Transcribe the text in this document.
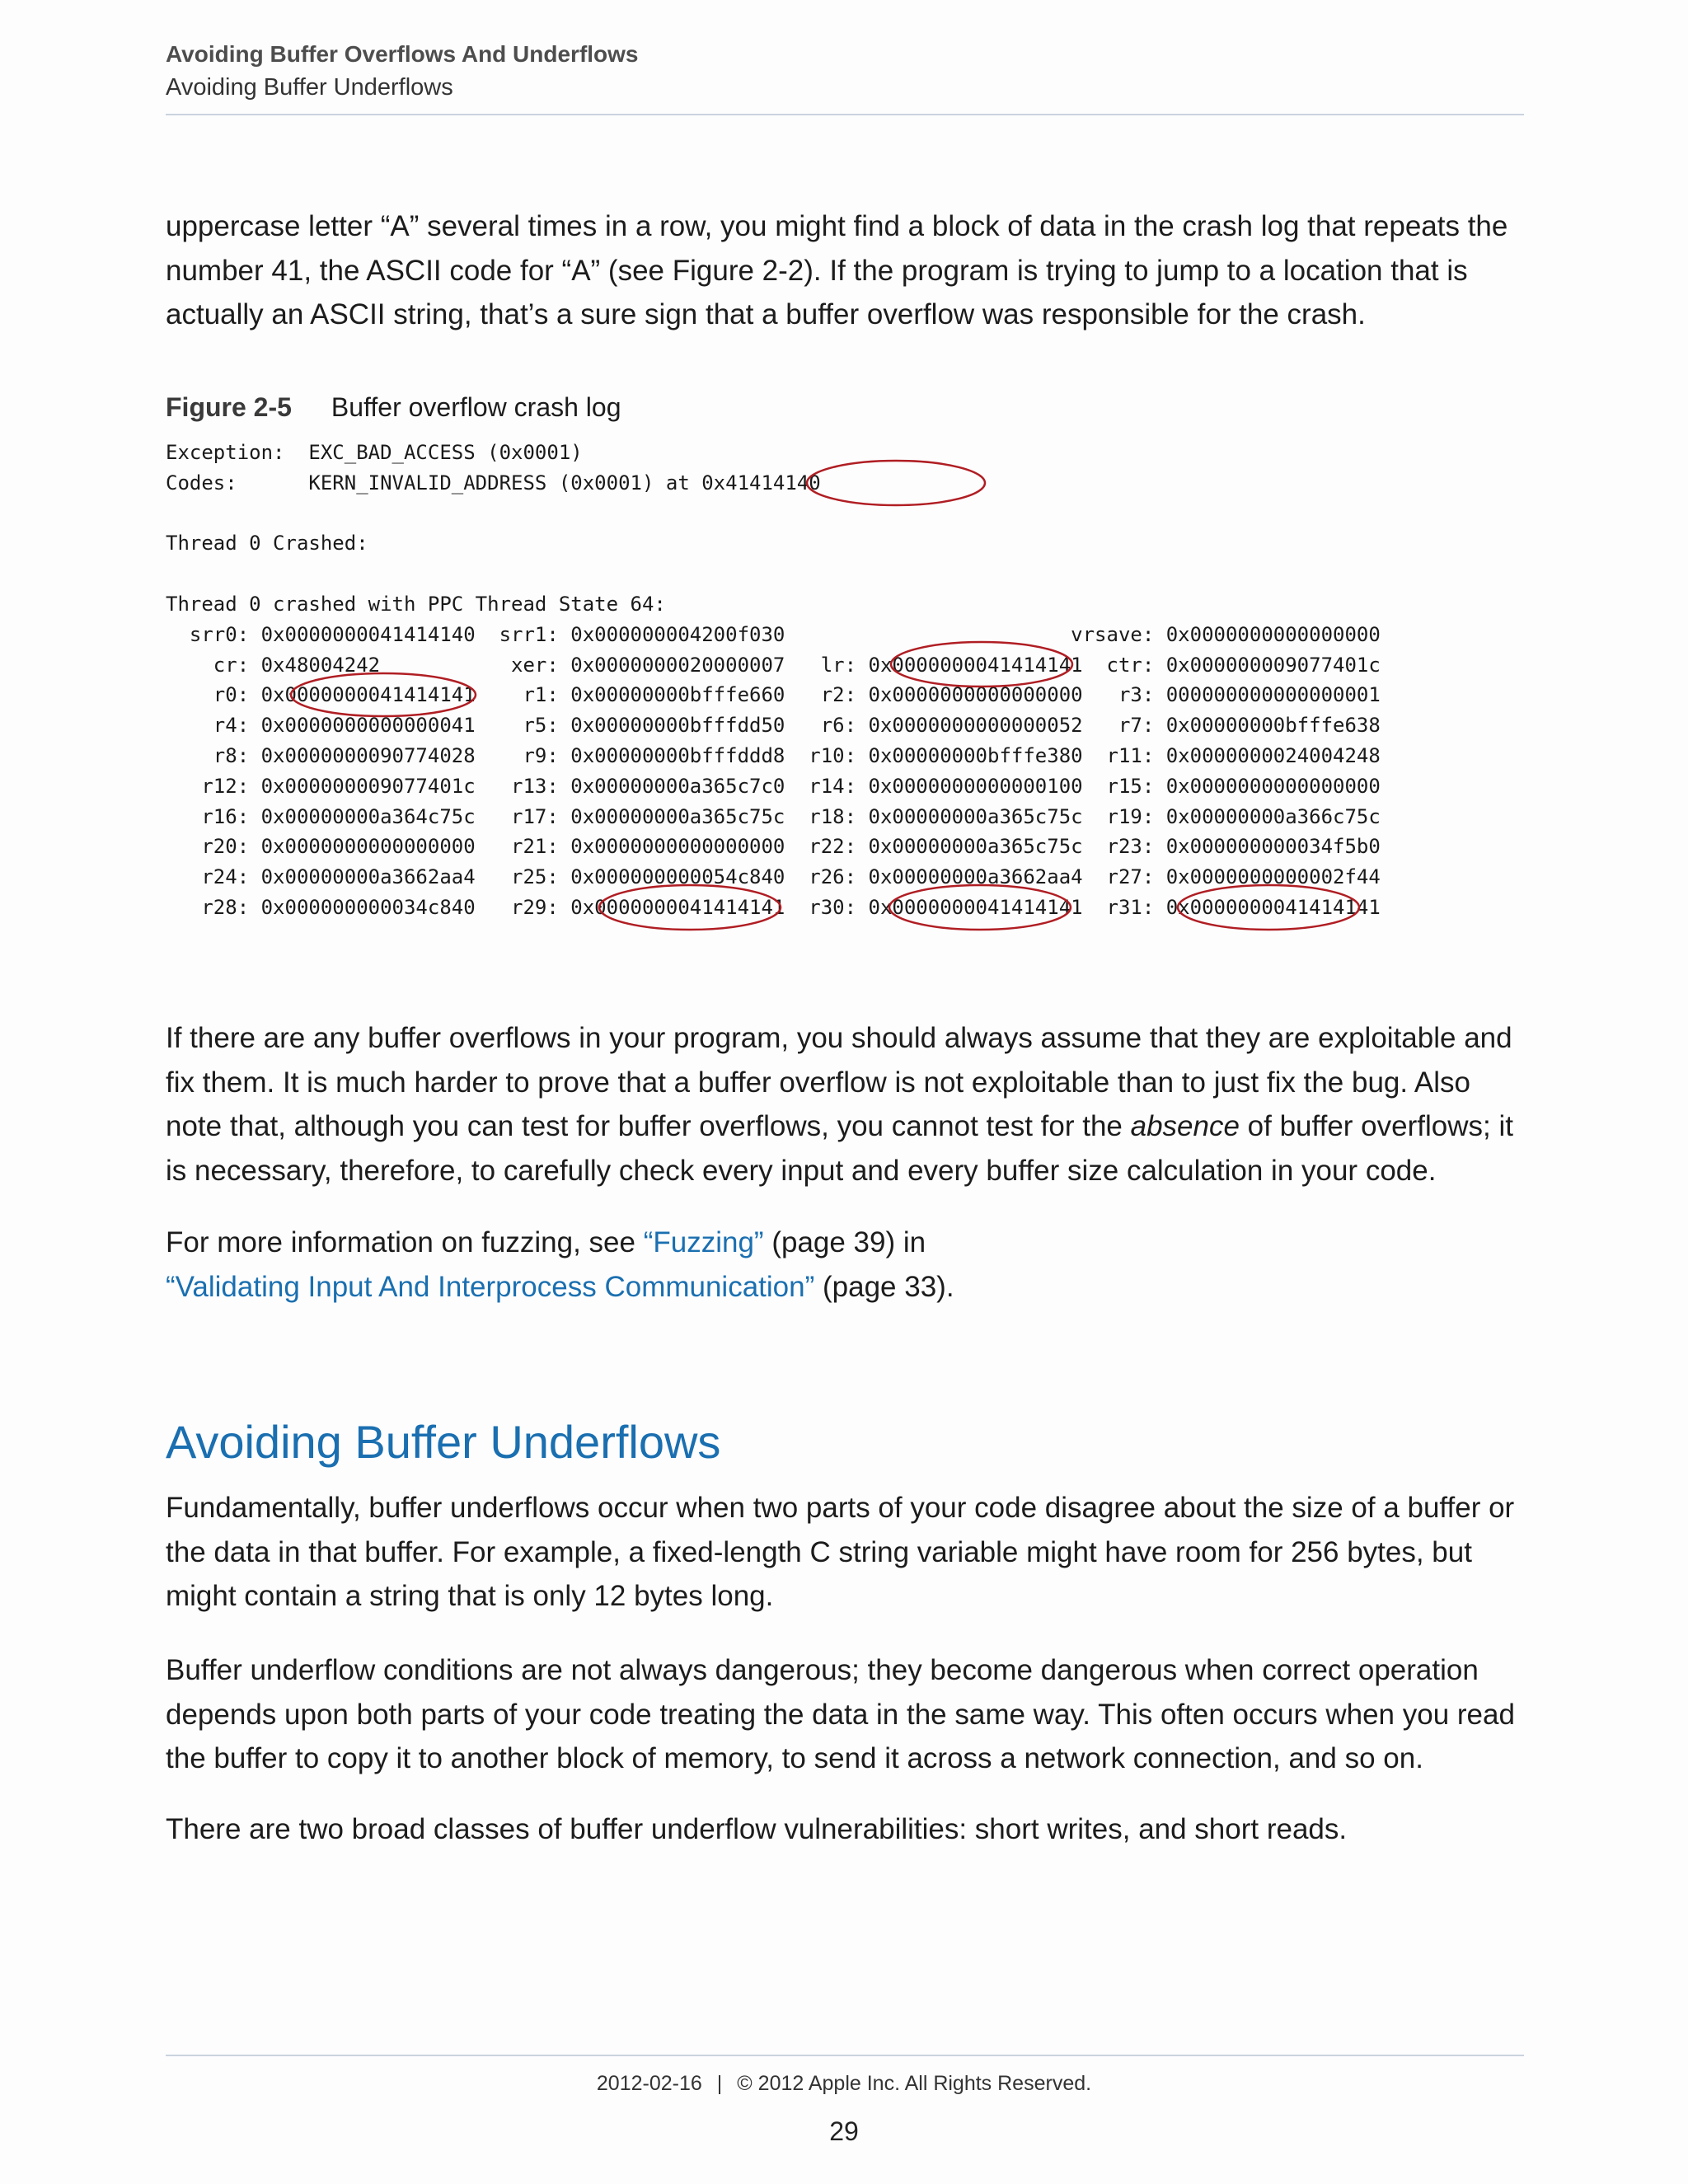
Avoiding Buffer Overflows And Underflows
Avoiding Buffer Underflows

uppercase letter “A” several times in a row, you might find a block of data in the crash log that repeats the number 41, the ASCII code for “A” (see Figure 2-2). If the program is trying to jump to a location that is actually an ASCII string, that’s a sure sign that a buffer overflow was responsible for the crash.

Figure 2-5 Buffer overflow crash log
Exception:  EXC_BAD_ACCESS (0x0001)
Codes:      KERN_INVALID_ADDRESS (0x0001) at 0x41414140
Thread 0 Crashed:
Thread 0 crashed with PPC Thread State 64:
srr0: 0x0000000041414140  srr1: 0x000000004200f030                        vrsave: 0x0000000000000000
cr: 0x48004242           xer: 0x0000000020000007   lr: 0x0000000041414141  ctr: 0x000000009077401c
r0: 0x0000000041414141    r1: 0x00000000bfffe660   r2: 0x0000000000000000   r3: 000000000000000001
r4: 0x0000000000000041    r5: 0x00000000bfffdd50   r6: 0x0000000000000052   r7: 0x00000000bfffe638
r8: 0x0000000090774028    r9: 0x00000000bfffddd8  r10: 0x00000000bfffe380  r11: 0x0000000024004248
r12: 0x000000009077401c   r13: 0x00000000a365c7c0  r14: 0x0000000000000100  r15: 0x0000000000000000
r16: 0x00000000a364c75c   r17: 0x00000000a365c75c  r18: 0x00000000a365c75c  r19: 0x00000000a366c75c
r20: 0x0000000000000000   r21: 0x0000000000000000  r22: 0x00000000a365c75c  r23: 0x000000000034f5b0
r24: 0x00000000a3662aa4   r25: 0x000000000054c840  r26: 0x00000000a3662aa4  r27: 0x0000000000002f44
r28: 0x000000000034c840   r29: 0x0000000041414141  r30: 0x0000000041414141  r31: 0x0000000041414141

If there are any buffer overflows in your program, you should always assume that they are exploitable and fix them. It is much harder to prove that a buffer overflow is not exploitable than to just fix the bug. Also note that, although you can test for buffer overflows, you cannot test for the absence of buffer overflows; it is necessary, therefore, to carefully check every input and every buffer size calculation in your code.

For more information on fuzzing, see “Fuzzing” (page 39) in
“Validating Input And Interprocess Communication” (page 33).

Avoiding Buffer Underflows

Fundamentally, buffer underflows occur when two parts of your code disagree about the size of a buffer or the data in that buffer. For example, a fixed-length C string variable might have room for 256 bytes, but might contain a string that is only 12 bytes long.

Buffer underflow conditions are not always dangerous; they become dangerous when correct operation depends upon both parts of your code treating the data in the same way. This often occurs when you read the buffer to copy it to another block of memory, to send it across a network connection, and so on.

There are two broad classes of buffer underflow vulnerabilities: short writes, and short reads.

2012-02-16 | © 2012 Apple Inc. All Rights Reserved.
29
